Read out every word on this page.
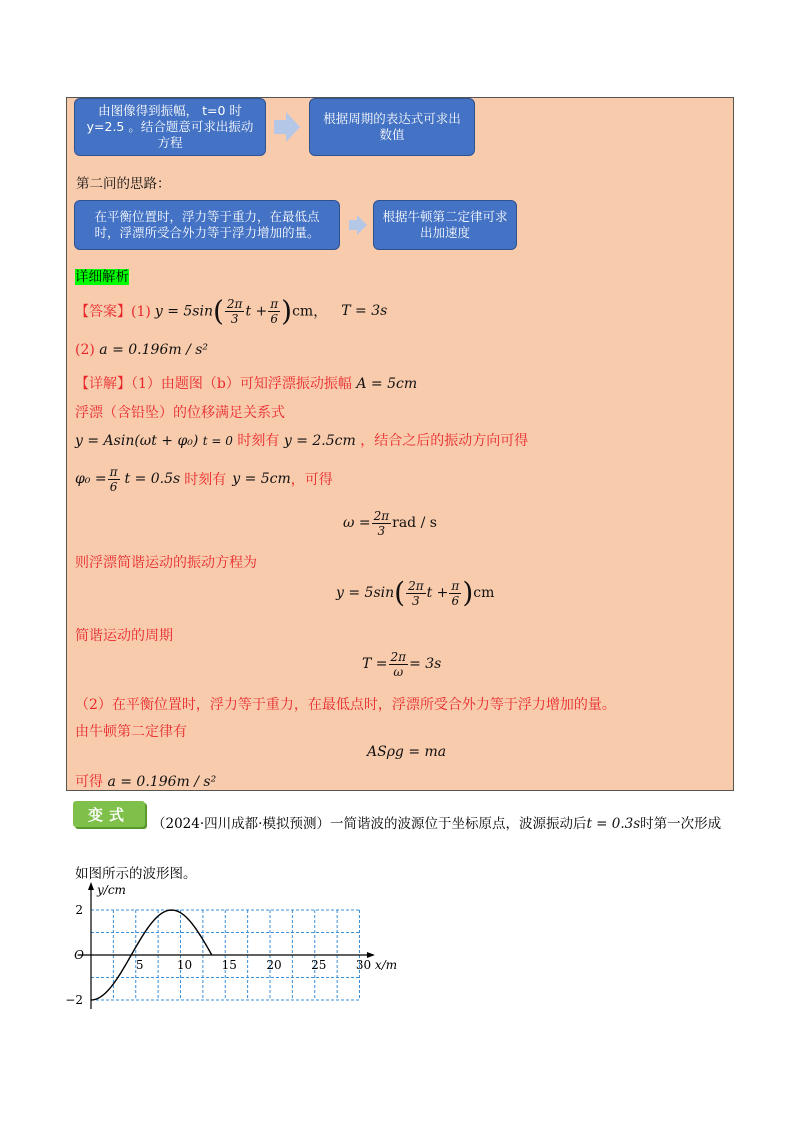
由图像得到振幅， t=0 时 y=2.5 。结合题意可求出振动方程
根据周期的表达式可求出数值
第二问的思路：
在平衡位置时，浮力等于重力，在最低点时，浮漂所受合外力等于浮力增加的量。
根据牛顿第二定律可求出加速度
详细解析
【答案】(1) $y = 5\sin( \frac{2\pi}{3}$ $t + \frac{\pi}{6} )cm$ ， T = 3s
(2) a = 0.196m / s²
【详解】（1）由题图（b）可知浮漂振动振幅 A = 5cm
浮漂（含铅坠）的位移满足关系式
y = Asin(ωt + φ₀) t = 0 时刻有 y = 2.5cm ，结合之后的振动方向可得
$\varphi_0 = \frac{\pi}{6}$ t = 0.5s 时刻有 y = 5cm ，可得
$\omega = \frac{2\pi}{3}$ rad / s
则浮漂简谐运动的振动方程为
y = 5sin ( $\frac{2\pi}{3}$ $t + \frac{\pi}{6}$ ) cm
简谐运动的周期
$T = \frac{2\pi}{\omega} = 3s$
（2）在平衡位置时，浮力等于重力，在最低点时，浮漂所受合外力等于浮力增加的量。
由牛顿第二定律有
ASρg = ma
可得 a = 0.196m / s²
变式
（2024·四川成都·模拟预测）一简谐波的波源位于坐标原点，波源振动后t = 0.3s时第一次形成
如图所示的波形图。
5	10 15 20 25 30
2
−2
O
y/cm
x/m
